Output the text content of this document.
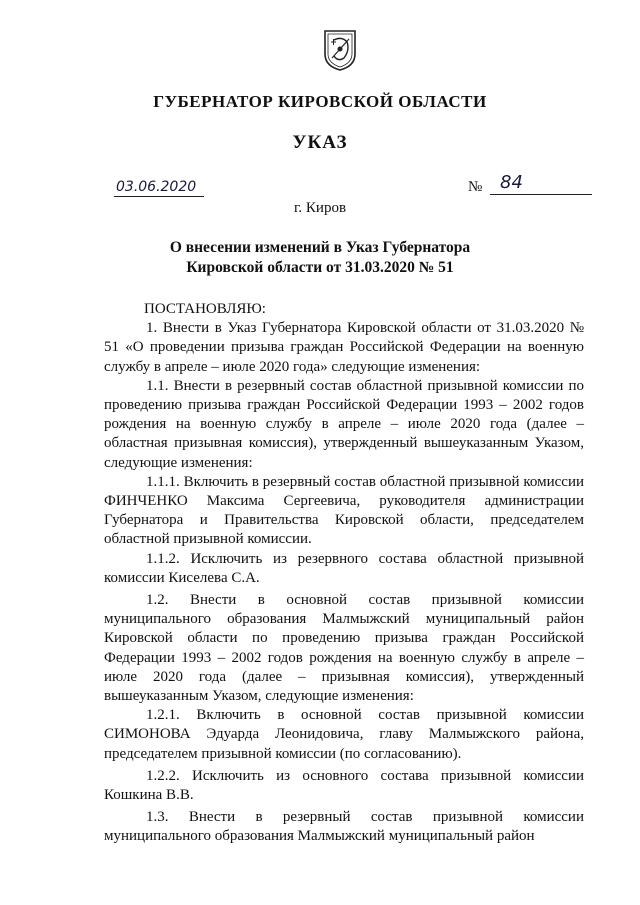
ГУБЕРНАТОР КИРОВСКОЙ ОБЛАСТИ
УКАЗ
03.06.2020	№ 84
г. Киров
О внесении изменений в Указ Губернатора
Кировской области от 31.03.2020 № 51

ПОСТАНОВЛЯЮ:

1. Внести в Указ Губернатора Кировской области от 31.03.2020 № 51 «О проведении призыва граждан Российской Федерации на военную службу в апреле – июле 2020 года» следующие изменения:

1.1. Внести в резервный состав областной призывной комиссии по проведению призыва граждан Российской Федерации 1993 – 2002 годов рождения на военную службу в апреле – июле 2020 года (далее – областная призывная комиссия), утвержденный вышеуказанным Указом, следующие изменения:

1.1.1. Включить в резервный состав областной призывной комиссии ФИНЧЕНКО Максима Сергеевича, руководителя администрации Губернатора и Правительства Кировской области, председателем областной призывной комиссии.

1.1.2. Исключить из резервного состава областной призывной комиссии Киселева С.А.

1.2. Внести в основной состав призывной комиссии муниципального образования Малмыжский муниципальный район Кировской области по проведению призыва граждан Российской Федерации 1993 – 2002 годов рождения на военную службу в апреле – июле 2020 года (далее – призывная комиссия), утвержденный вышеуказанным Указом, следующие изменения:

1.2.1. Включить в основной состав призывной комиссии СИМОНОВА Эдуарда Леонидовича, главу Малмыжского района, председателем призывной комиссии (по согласованию).

1.2.2. Исключить из основного состава призывной комиссии Кошкина В.В.

1.3. Внести в резервный состав призывной комиссии муниципального образования Малмыжский муниципальный район
